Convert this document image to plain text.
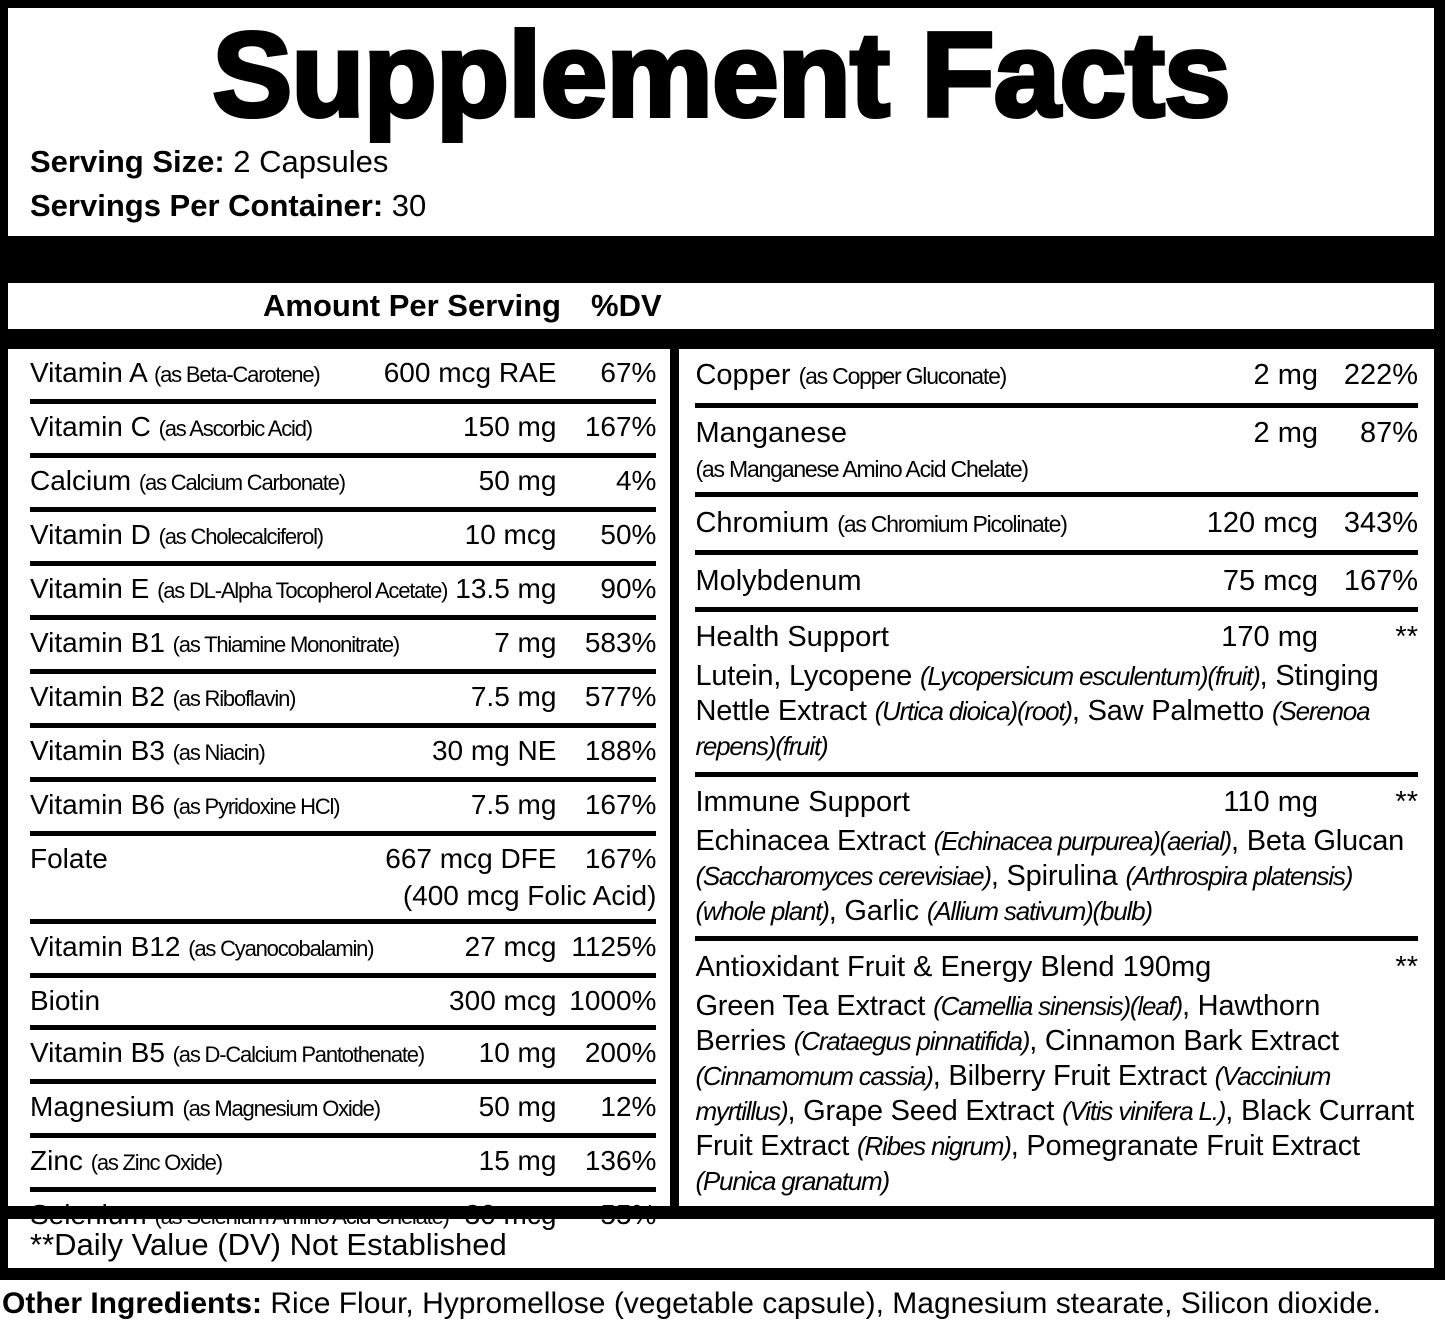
Supplement Facts
Serving Size: 2 Capsules
Servings Per Container: 30
Amount Per Serving %DV
Vitamin A (as Beta-Carotene)	600 mcg RAE	67%
Vitamin C (as Ascorbic Acid)	150 mg	167%
Calcium (as Calcium Carbonate)	50 mg	4%
Vitamin D (as Cholecalciferol)	10 mcg	50%
Vitamin E (as DL-Alpha Tocopherol Acetate) 13.5 mg	90%
Vitamin B1 (as Thiamine Mononitrate)	7 mg	583%
Vitamin B2 (as Riboflavin)	7.5 mg	577%
Vitamin B3 (as Niacin)	30 mg NE	188%
Vitamin B6 (as Pyridoxine HCl)	7.5 mg	167%
Folate	667 mcg DFE	167%
(400 mcg Folic Acid)
Vitamin B12 (as Cyanocobalamin)	27 mcg 1125%
Biotin	300 mcg 1000%
Vitamin B5 (as D-Calcium Pantothenate)	10 mg	200%
Magnesium (as Magnesium Oxide)	50 mg	12%
Zinc (as Zinc Oxide)	15 mg	136%
Copper (as Copper Gluconate)	2 mg 222%
Manganese	2 mg	87%
(as Manganese Amino Acid Chelate)
Chromium (as Chromium Picolinate)	120 mcg 343%
Molybdenum	75 mcg 167%
Health Support	170 mg	**
Lutein, Lycopene (Lycopersicum esculentum)(fruit), Stinging Nettle Extract (Urtica dioica)(root), Saw Palmetto (Serenoa repens)(fruit)
Immune Support	110 mg	**
Echinacea Extract (Echinacea purpurea)(aerial), Beta Glucan (Saccharomyces cerevisiae), Spirulina (Arthrospira platensis)(whole plant), Garlic (Allium sativum)(bulb)
Antioxidant Fruit & Energy Blend 190mg	**
Green Tea Extract (Camellia sinensis)(leaf), Hawthorn Berries (Crataegus pinnatifida), Cinnamon Bark Extract (Cinnamomum cassia), Bilberry Fruit Extract (Vaccinium myrtillus), Grape Seed Extract (Vitis vinifera L.), Black Currant Fruit Extract (Ribes nigrum), Pomegranate Fruit Extract (Punica granatum)
**Daily Value (DV) Not Established
Other Ingredients: Rice Flour, Hypromellose (vegetable capsule), Magnesium stearate, Silicon dioxide.
